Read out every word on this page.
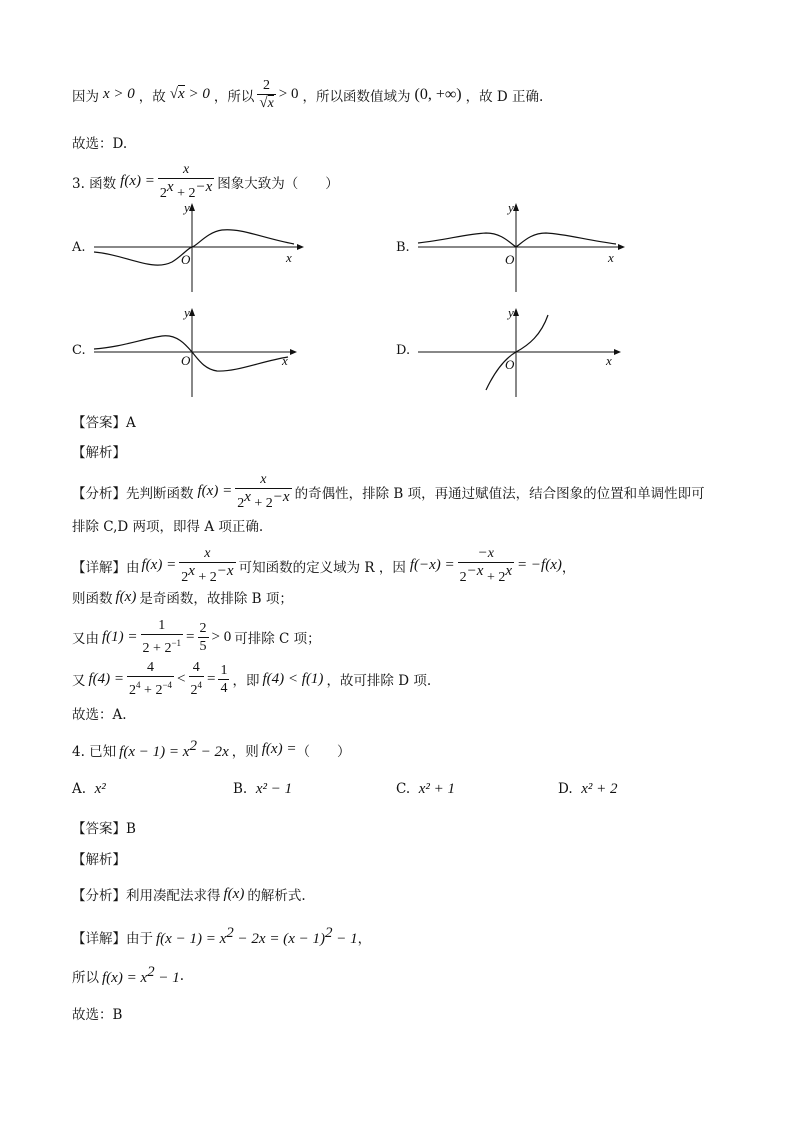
因为 x > 0 ，故 √x > 0 ，所以 $\frac{2}{√x} > 0$ ，所以函数值域为 (0, +∞) ，故 D 正确.
故选：D.
3. 函数 $f(x) = \frac{x}{2^x + 2^{-x}}$ 图象大致为（　　）
A.
y
x
O
B.
y
x
O
C.
y
x
O
D.
y
x
O
【答案】A
【解析】
【分析】先判断函数 $f(x) = \frac{x}{2^x + 2^{-x}}$ 的奇偶性，排除 B 项，再通过赋值法，结合图象的位置和单调性即可
排除 C,D 两项，即得 A 项正确.
【详解】由 $f(x) = \frac{x}{2^x + 2^{-x}}$ 可知函数的定义域为 R ，因 $f(-x) = \frac{-x}{2^{-x} + 2^x} = -f(x)$ ，
则函数 f(x) 是奇函数，故排除 B 项；
又由 $f(1) = \frac{1}{2 + 2^{-1}} = \frac{2}{5} > 0$ 可排除 C 项；
又 $f(4) = \frac{4}{2^4 + 2^{-4}} < \frac{4}{2^4} = \frac{1}{4}$ ，即 f(4) < f(1) ，故可排除 D 项.
故选：A.
4. 已知 $f(x - 1) = x^2 - 2x$ ，则 f(x) = （　　）
A. x²	B. x² − 1	C. x² + 1	D. x² + 2
【答案】B
【解析】
【分析】利用凑配法求得 f(x) 的解析式.
【详解】由于 $f(x - 1) = x^2 - 2x = (x - 1)^2 - 1$ ，
所以 $f(x) = x^2 - 1$ .
故选：B
